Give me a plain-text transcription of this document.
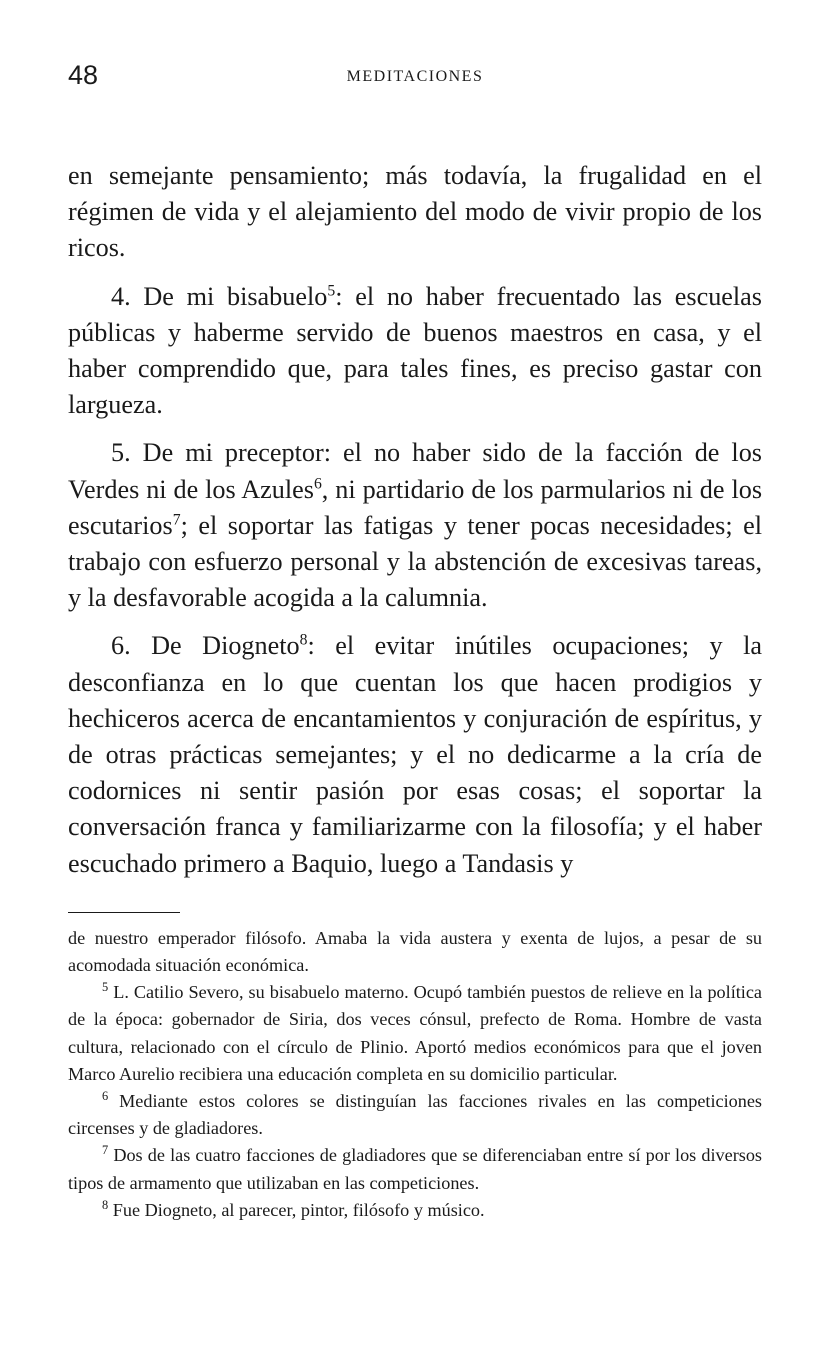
48	MEDITACIONES

en semejante pensamiento; más todavía, la frugalidad en el régimen de vida y el alejamiento del modo de vivir propio de los ricos.

4. De mi bisabuelo$^5$: el no haber frecuentado las escuelas públicas y haberme servido de buenos maestros en casa, y el haber comprendido que, para tales fines, es preciso gastar con largueza.

5. De mi preceptor: el no haber sido de la facción de los Verdes ni de los Azules$^6$, ni partidario de los parmularios ni de los escutarios$^7$; el soportar las fatigas y tener pocas necesidades; el trabajo con esfuerzo personal y la abstención de excesivas tareas, y la desfavorable acogida a la calumnia.

6. De Diogneto$^8$: el evitar inútiles ocupaciones; y la desconfianza en lo que cuentan los que hacen prodigios y hechiceros acerca de encantamientos y conjuración de espíritus, y de otras prácticas semejantes; y el no dedicarme a la cría de codornices ni sentir pasión por esas cosas; el soportar la conversación franca y familiarizarme con la filosofía; y el haber escuchado primero a Baquio, luego a Tandasis y

de nuestro emperador filósofo. Amaba la vida austera y exenta de lujos, a pesar de su acomodada situación económica.

$^5$ L. Catilio Severo, su bisabuelo materno. Ocupó también puestos de relieve en la política de la época: gobernador de Siria, dos veces cónsul, prefecto de Roma. Hombre de vasta cultura, relacionado con el círculo de Plinio. Aportó medios económicos para que el joven Marco Aurelio recibiera una educación completa en su domicilio particular.

$^6$ Mediante estos colores se distinguían las facciones rivales en las competiciones circenses y de gladiadores.

$^7$ Dos de las cuatro facciones de gladiadores que se diferenciaban entre sí por los diversos tipos de armamento que utilizaban en las competiciones.

$^8$ Fue Diogneto, al parecer, pintor, filósofo y músico.
